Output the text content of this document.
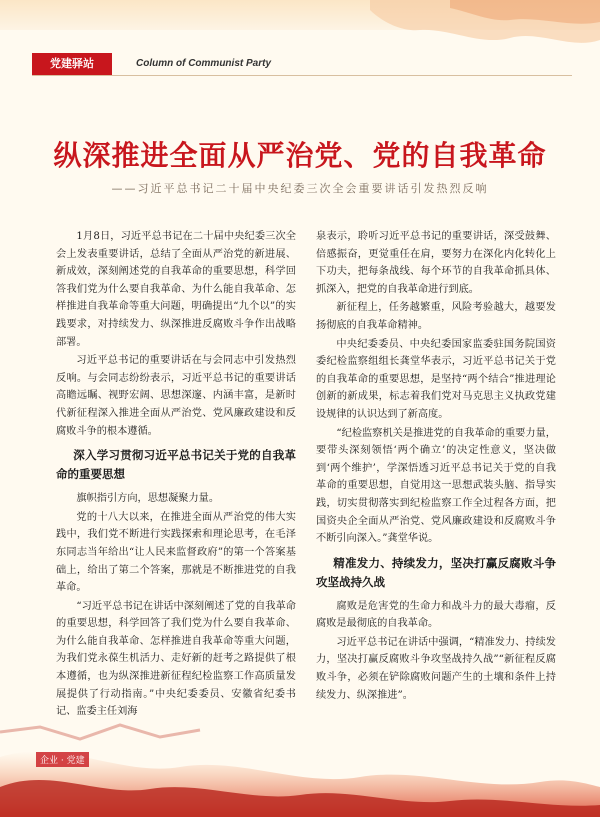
党建驿站	Column of Communist Party
纵深推进全面从严治党、党的自我革命
——习近平总书记二十届中央纪委三次全会重要讲话引发热烈反响

1月8日，习近平总书记在二十届中央纪委三次全会上发表重要讲话，总结了全面从严治党的新进展、新成效，深刻阐述党的自我革命的重要思想，科学回答我们党为什么要自我革命、为什么能自我革命、怎样推进自我革命等重大问题，明确提出“九个以”的实践要求，对持续发力、纵深推进反腐败斗争作出战略部署。

习近平总书记的重要讲话在与会同志中引发热烈反响。与会同志纷纷表示，习近平总书记的重要讲话高瞻远瞩、视野宏阔、思想深邃、内涵丰富，是新时代新征程深入推进全面从严治党、党风廉政建设和反腐败斗争的根本遵循。

深入学习贯彻习近平总书记关于党的自我革命的重要思想

旗帜指引方向，思想凝聚力量。

党的十八大以来，在推进全面从严治党的伟大实践中，我们党不断进行实践探索和理论思考，在毛泽东同志当年给出“让人民来监督政府”的第一个答案基础上，给出了第二个答案，那就是不断推进党的自我革命。

“习近平总书记在讲话中深刻阐述了党的自我革命的重要思想，科学回答了我们党为什么要自我革命、为什么能自我革命、怎样推进自我革命等重大问题，为我们党永葆生机活力、走好新的赶考之路提供了根本遵循，也为纵深推进新征程纪检监察工作高质量发展提供了行动指南。”中央纪委委员、安徽省纪委书记、监委主任刘海

泉表示，聆听习近平总书记的重要讲话，深受鼓舞、倍感振奋，更觉重任在肩，要努力在深化内化转化上下功夫，把每条战线、每个环节的自我革命抓具体、抓深入，把党的自我革命进行到底。

新征程上，任务越繁重，风险考验越大，越要发扬彻底的自我革命精神。

中央纪委委员、中央纪委国家监委驻国务院国资委纪检监察组组长龚堂华表示，习近平总书记关于党的自我革命的重要思想，是坚持“两个结合”推进理论创新的新成果，标志着我们党对马克思主义执政党建设规律的认识达到了新高度。

“纪检监察机关是推进党的自我革命的重要力量，要带头深刻领悟‘两个确立’的决定性意义，坚决做到‘两个维护’，学深悟透习近平总书记关于党的自我革命的重要思想，自觉用这一思想武装头脑、指导实践，切实贯彻落实到纪检监察工作全过程各方面，把国资央企全面从严治党、党风廉政建设和反腐败斗争不断引向深入。”龚堂华说。

精准发力、持续发力，坚决打赢反腐败斗争攻坚战持久战

腐败是危害党的生命力和战斗力的最大毒瘤，反腐败是最彻底的自我革命。

习近平总书记在讲话中强调，“精准发力、持续发力，坚决打赢反腐败斗争攻坚战持久战”“新征程反腐败斗争，必须在铲除腐败问题产生的土壤和条件上持续发力、纵深推进”。

企业 · 党建
